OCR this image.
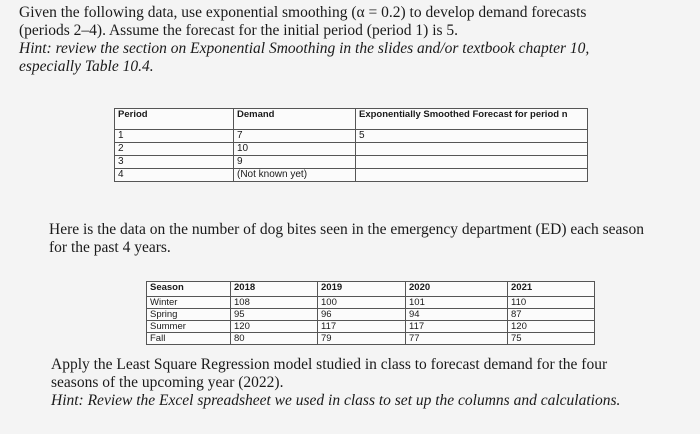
Given the following data, use exponential smoothing (α = 0.2) to develop demand forecasts
(periods 2–4). Assume the forecast for the initial period (period 1) is 5.
Hint: review the section on Exponential Smoothing in the slides and/or textbook chapter 10,
especially Table 10.4.
Period	Demand	Exponentially Smoothed Forecast for period n
1	7	5
2	10	
3	9	
4	(Not known yet)	
Here is the data on the number of dog bites seen in the emergency department (ED) each season
for the past 4 years.
Season	2018	2019	2020	2021
Winter	108	100	101	110
Spring	95	96	94	87
Summer	120	117	117	120
Fall	80	79	77	75
Apply the Least Square Regression model studied in class to forecast demand for the four
seasons of the upcoming year (2022).
Hint: Review the Excel spreadsheet we used in class to set up the columns and calculations.
